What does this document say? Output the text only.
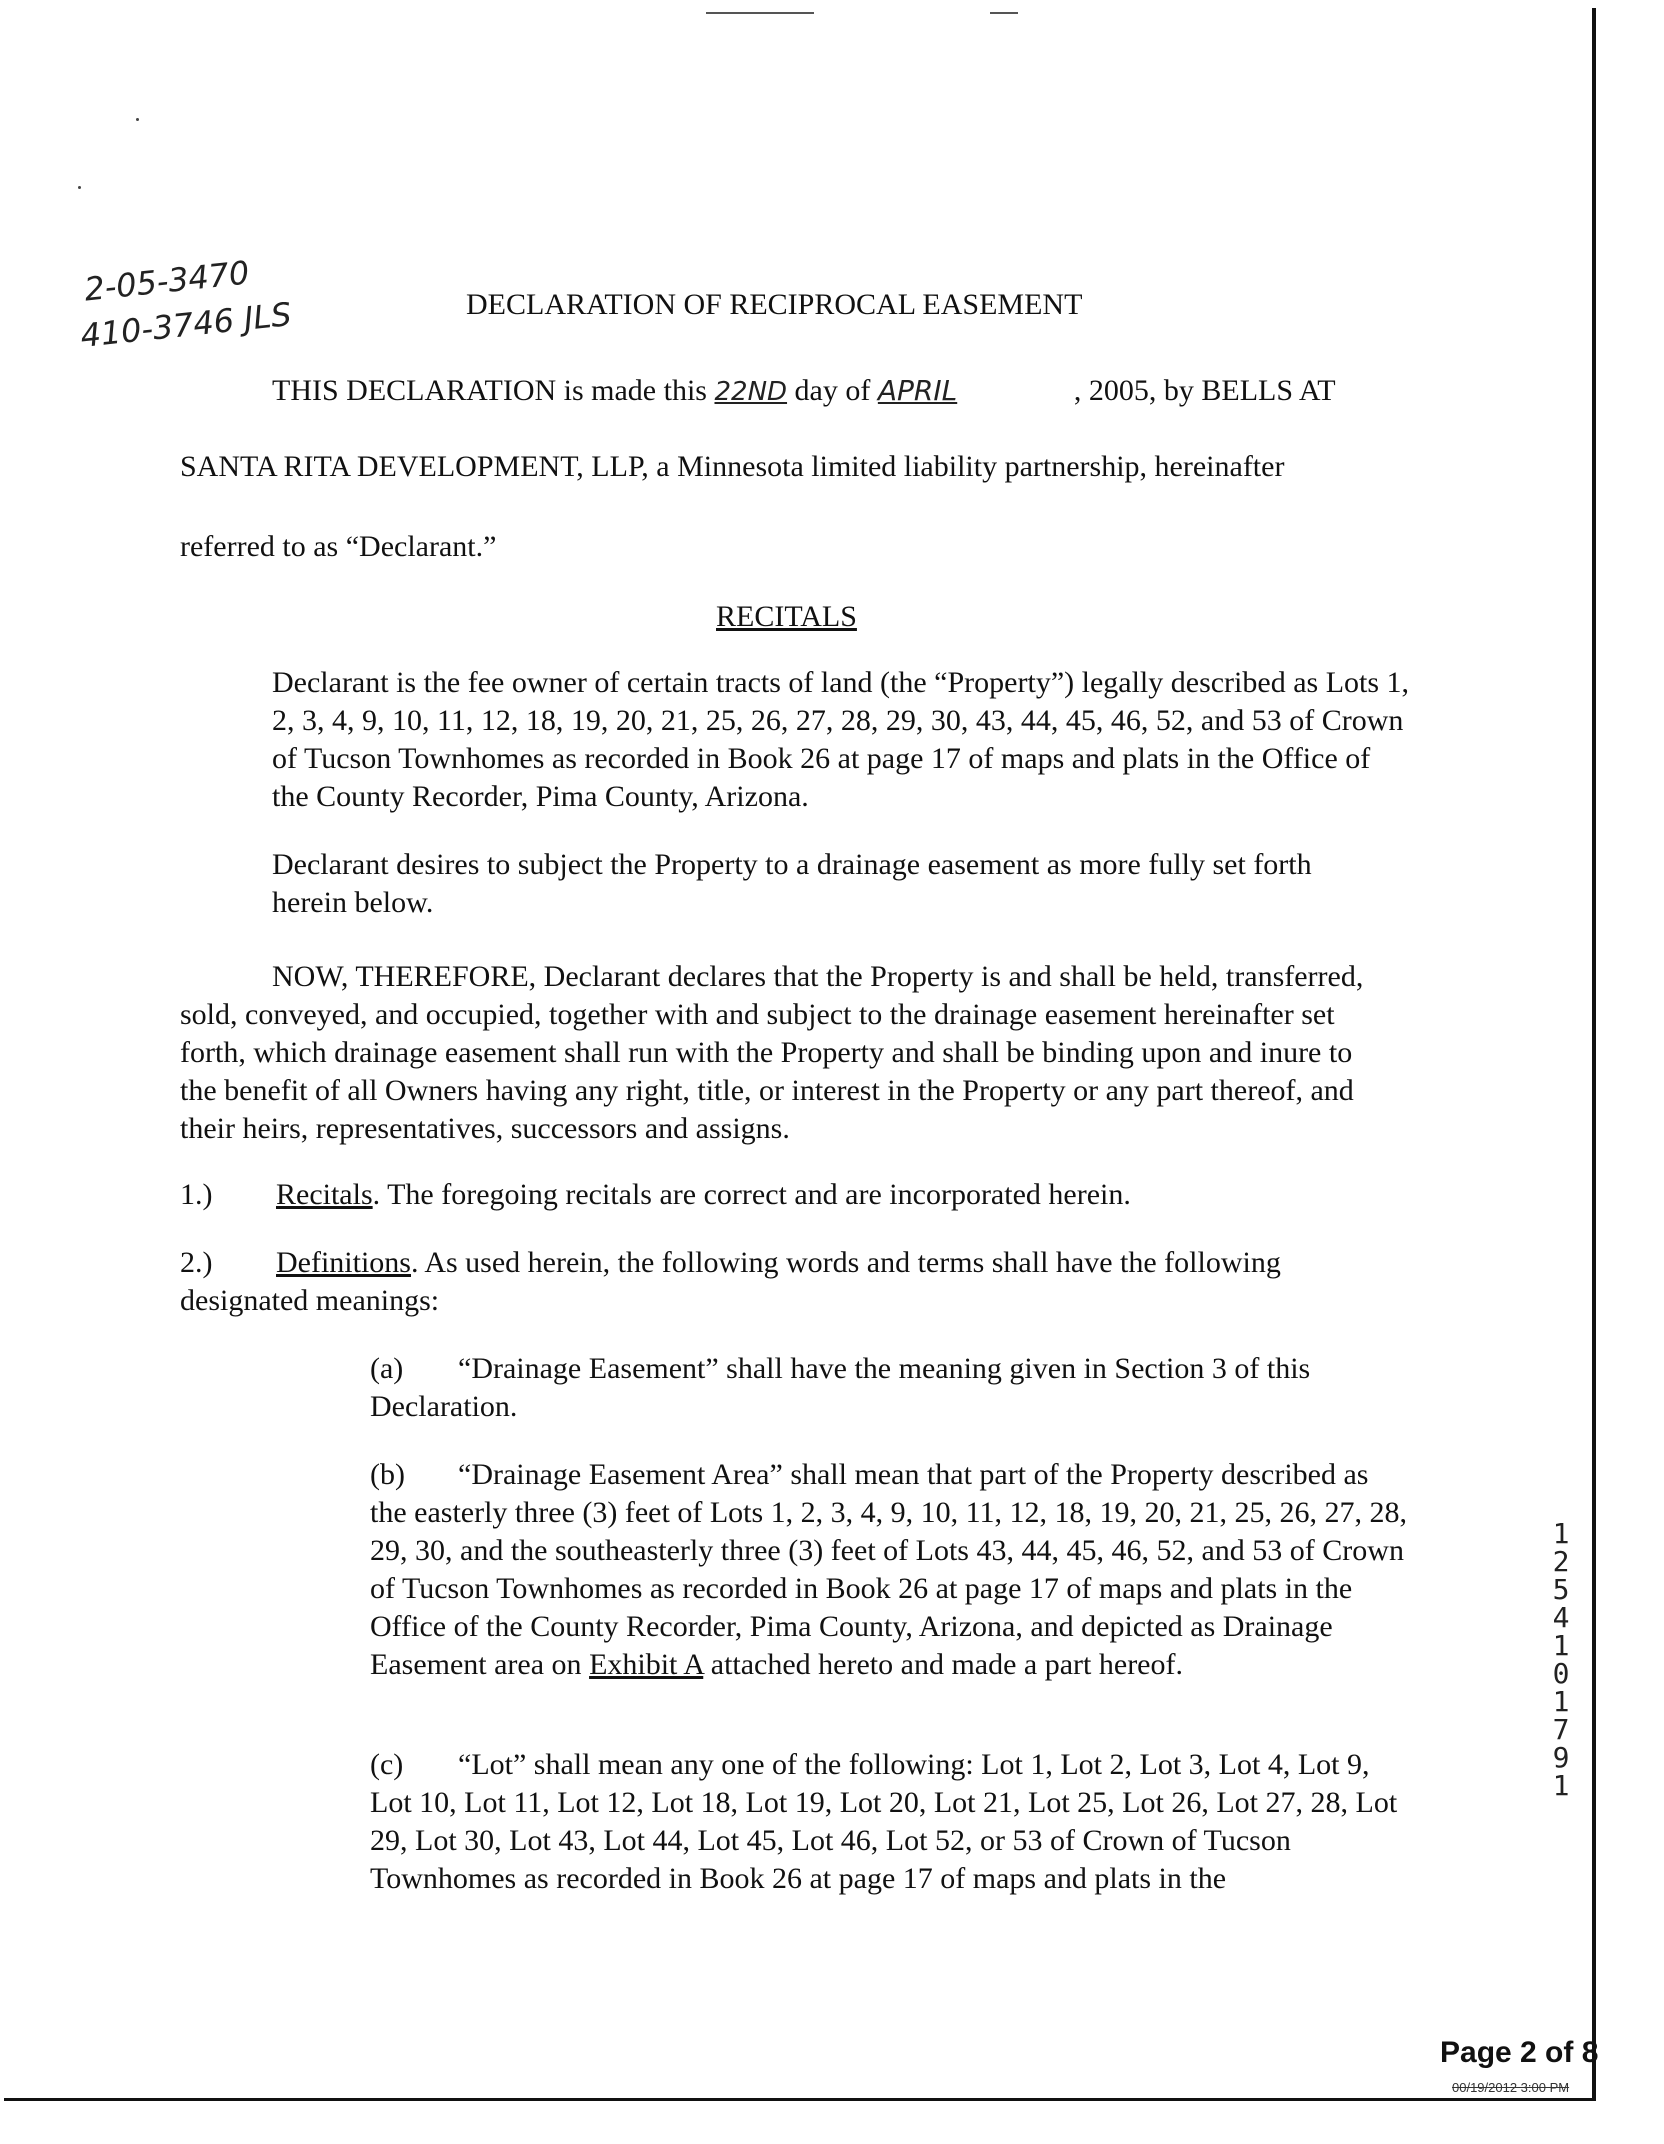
2-05-3470
410-3746 JLS	DECLARATION OF RECIPROCAL EASEMENT
THIS DECLARATION is made this 22ND day of APRIL	, 2005, by BELLS AT
SANTA RITA DEVELOPMENT, LLP, a Minnesota limited liability partnership, hereinafter
referred to as “Declarant.”
RECITALS
Declarant is the fee owner of certain tracts of land (the “Property”) legally described as Lots 1, 2, 3, 4, 9, 10, 11, 12, 18, 19, 20, 21, 25, 26, 27, 28, 29, 30, 43, 44, 45, 46, 52, and 53 of Crown of Tucson Townhomes as recorded in Book 26 at page 17 of maps and plats in the Office of the County Recorder, Pima County, Arizona.
Declarant desires to subject the Property to a drainage easement as more fully set forth herein below.
NOW, THEREFORE, Declarant declares that the Property is and shall be held, transferred, sold, conveyed, and occupied, together with and subject to the drainage easement hereinafter set forth, which drainage easement shall run with the Property and shall be binding upon and inure to the benefit of all Owners having any right, title, or interest in the Property or any part thereof, and their heirs, representatives, successors and assigns.
1.) Recitals. The foregoing recitals are correct and are incorporated herein.
2.) Definitions. As used herein, the following words and terms shall have the following designated meanings:
(a) “Drainage Easement” shall have the meaning given in Section 3 of this Declaration.
(b) “Drainage Easement Area” shall mean that part of the Property described as the easterly three (3) feet of Lots 1, 2, 3, 4, 9, 10, 11, 12, 18, 19, 20, 21, 25, 26, 27, 28, 29, 30, and the southeasterly three (3) feet of Lots 43, 44, 45, 46, 52, and 53 of Crown of Tucson Townhomes as recorded in Book 26 at page 17 of maps and plats in the Office of the County Recorder, Pima County, Arizona, and depicted as Drainage Easement area on Exhibit A attached hereto and made a part hereof.
(c) “Lot” shall mean any one of the following: Lot 1, Lot 2, Lot 3, Lot 4, Lot 9, Lot 10, Lot 11, Lot 12, Lot 18, Lot 19, Lot 20, Lot 21, Lot 25, Lot 26, Lot 27, 28, Lot 29, Lot 30, Lot 43, Lot 44, Lot 45, Lot 46, Lot 52, or 53 of Crown of Tucson Townhomes as recorded in Book 26 at page 17 of maps and plats in the
12541 01791
Page 2 of 8
00/19/2012 3:00 PM
